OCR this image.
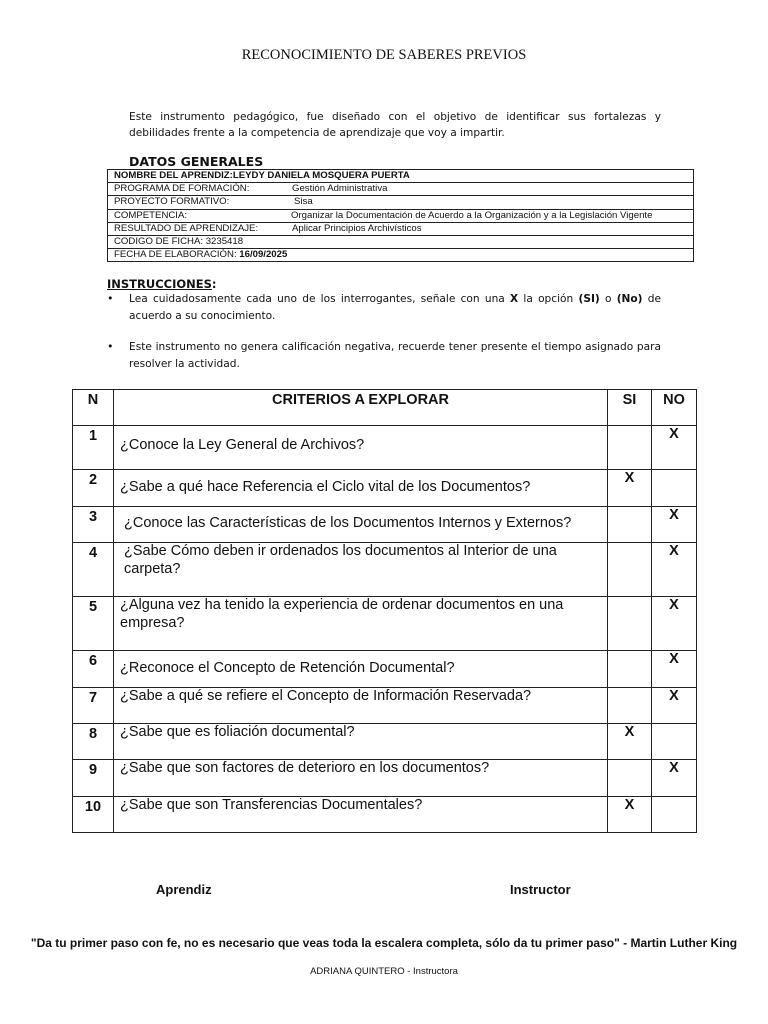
RECONOCIMIENTO DE SABERES PREVIOS
Este instrumento pedagógico, fue diseñado con el objetivo de identificar sus fortalezas y debilidades frente a la competencia de aprendizaje que voy a impartir.
DATOS GENERALES
NOMBRE DEL APRENDIZ:LEYDY DANIELA MOSQUERA PUERTA
PROGRAMA DE FORMACIÓN:	Gestión Administrativa
PROYECTO FORMATIVO:	Sisa
COMPETENCIA:	Organizar la Documentación de Acuerdo a la Organización y a la Legislación Vigente
RESULTADO DE APRENDIZAJE:	Aplicar Principios Archivísticos
CODIGO DE FICHA: 3235418
FECHA DE ELABORACIÓN: 16/09/2025
INSTRUCCIONES:
• Lea cuidadosamente cada uno de los interrogantes, señale con una X la opción (SI) o (No) de acuerdo a su conocimiento.
• Este instrumento no genera calificación negativa, recuerde tener presente el tiempo asignado para resolver la actividad.
N	CRITERIOS A EXPLORAR	SI	NO
1	¿Conoce la Ley General de Archivos?		X
2	¿Sabe a qué hace Referencia el Ciclo vital de los Documentos?	X	
3	¿Conoce las Características de los Documentos Internos y Externos?		X
4	¿Sabe Cómo deben ir ordenados los documentos al Interior de una carpeta?		X
5	¿Alguna vez ha tenido la experiencia de ordenar documentos en una empresa?		X
6	¿Reconoce el Concepto de Retención Documental?		X
7	¿Sabe a qué se refiere el Concepto de Información Reservada?		X
8	¿Sabe que es foliación documental?	X	
9	¿Sabe que son factores de deterioro en los documentos?		X
10	¿Sabe que son Transferencias Documentales?	X	
Aprendiz	Instructor
"Da tu primer paso con fe, no es necesario que veas toda la escalera completa, sólo da tu primer paso" - Martin Luther King
ADRIANA QUINTERO - Instructora
